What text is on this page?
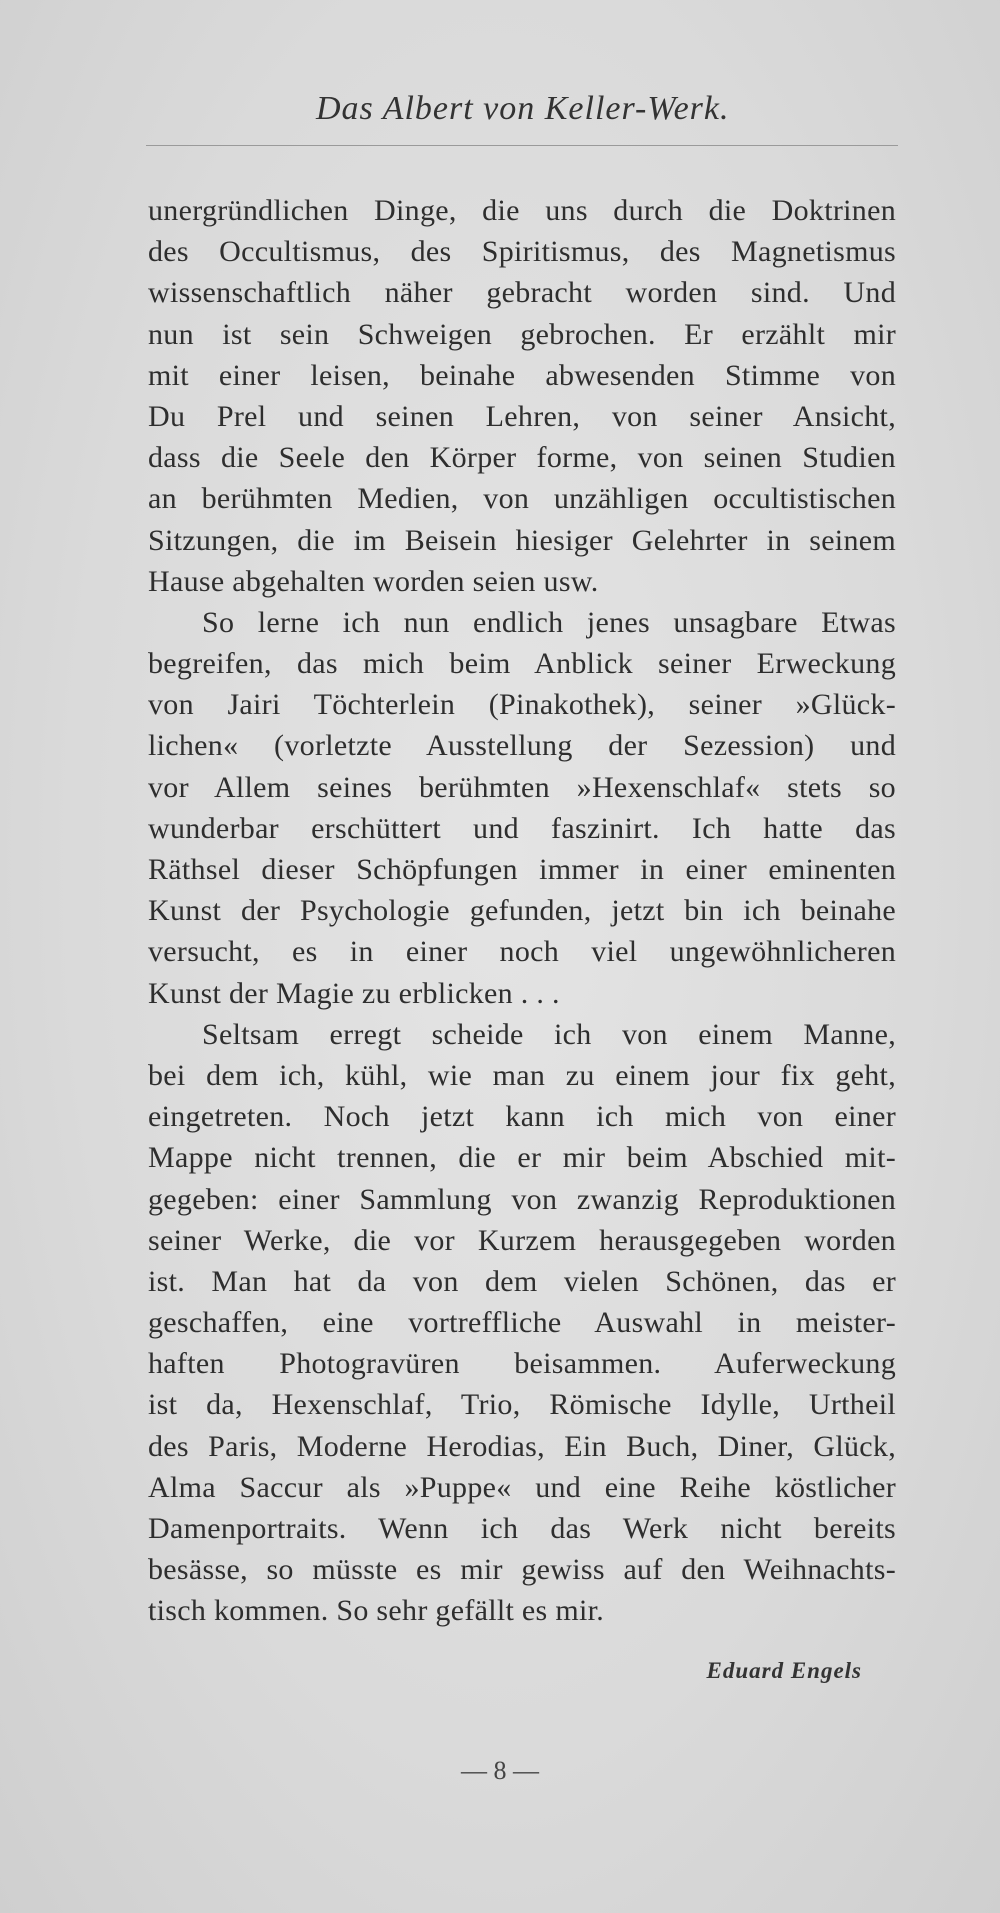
Das Albert von Keller-Werk.
unergründlichen Dinge, die uns durch die Doktrinen
des Occultismus, des Spiritismus, des Magnetismus
wissenschaftlich näher gebracht worden sind. Und
nun ist sein Schweigen gebrochen. Er erzählt mir
mit einer leisen, beinahe abwesenden Stimme von
Du Prel und seinen Lehren, von seiner Ansicht,
dass die Seele den Körper forme, von seinen Studien
an berühmten Medien, von unzähligen occultistischen
Sitzungen, die im Beisein hiesiger Gelehrter in seinem
Hause abgehalten worden seien usw.
So lerne ich nun endlich jenes unsagbare Etwas
begreifen, das mich beim Anblick seiner Erweckung
von Jairi Töchterlein (Pinakothek), seiner »Glück-
lichen« (vorletzte Ausstellung der Sezession) und
vor Allem seines berühmten »Hexenschlaf« stets so
wunderbar erschüttert und faszinirt. Ich hatte das
Räthsel dieser Schöpfungen immer in einer eminenten
Kunst der Psychologie gefunden, jetzt bin ich beinahe
versucht, es in einer noch viel ungewöhnlicheren
Kunst der Magie zu erblicken . . .
Seltsam erregt scheide ich von einem Manne,
bei dem ich, kühl, wie man zu einem jour fix geht,
eingetreten. Noch jetzt kann ich mich von einer
Mappe nicht trennen, die er mir beim Abschied mit-
gegeben: einer Sammlung von zwanzig Reproduktionen
seiner Werke, die vor Kurzem herausgegeben worden
ist. Man hat da von dem vielen Schönen, das er
geschaffen, eine vortreffliche Auswahl in meister-
haften Photogravüren beisammen. Auferweckung
ist da, Hexenschlaf, Trio, Römische Idylle, Urtheil
des Paris, Moderne Herodias, Ein Buch, Diner, Glück,
Alma Saccur als »Puppe« und eine Reihe köstlicher
Damenportraits. Wenn ich das Werk nicht bereits
besässe, so müsste es mir gewiss auf den Weihnachts-
tisch kommen. So sehr gefällt es mir.
Eduard Engels
— 8 —
